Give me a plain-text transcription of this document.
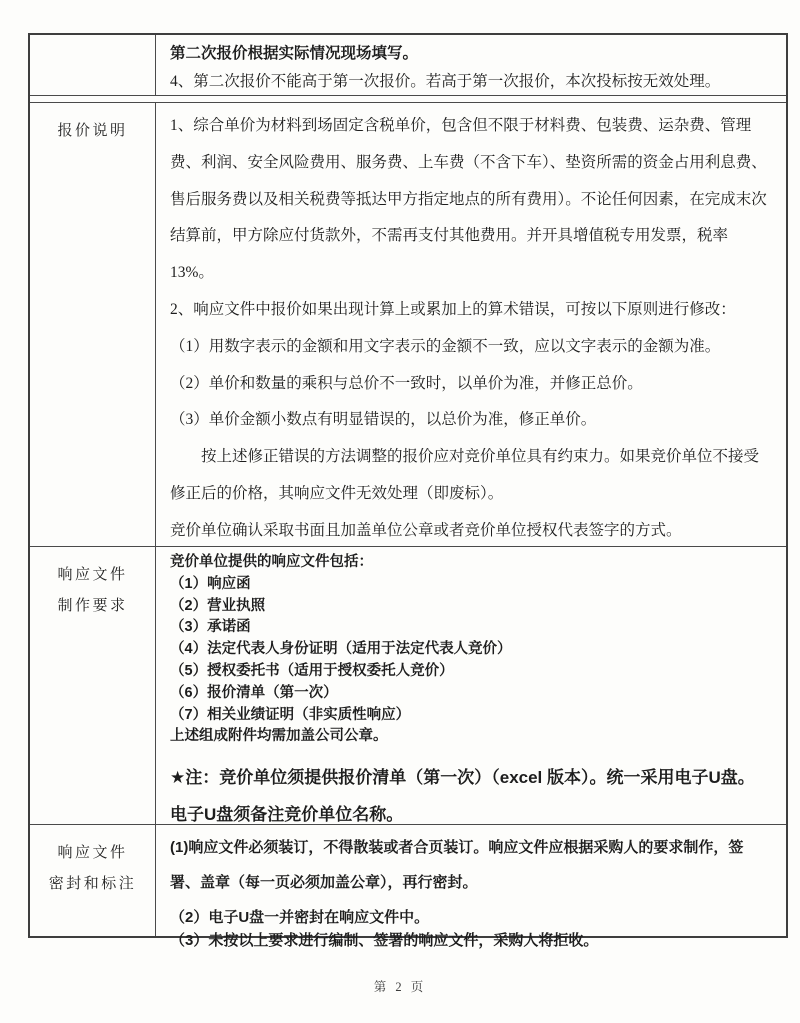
第二次报价根据实际情况现场填写。

4、第二次报价不能高于第一次报价。若高于第一次报价，本次投标按无效处理。

报价说明	1、综合单价为材料到场固定含税单价，包含但不限于材料费、包装费、运杂费、管理费、利润、安全风险费用、服务费、上车费（不含下车）、垫资所需的资金占用利息费、售后服务费以及相关税费等抵达甲方指定地点的所有费用）。不论任何因素，在完成末次结算前，甲方除应付货款外，不需再支付其他费用。并开具增值税专用发票，税率 13%。

2、响应文件中报价如果出现计算上或累加上的算术错误，可按以下原则进行修改：

（1）用数字表示的金额和用文字表示的金额不一致，应以文字表示的金额为准。

（2）单价和数量的乘积与总价不一致时，以单价为准，并修正总价。

（3）单价金额小数点有明显错误的，以总价为准，修正单价。

按上述修正错误的方法调整的报价应对竞价单位具有约束力。如果竞价单位不接受修正后的价格，其响应文件无效处理（即废标）。

竞价单位确认采取书面且加盖单位公章或者竞价单位授权代表签字的方式。

响应文件
制作要求

竞价单位提供的响应文件包括：

（1）响应函

（2）营业执照

（3）承诺函

（4）法定代表人身份证明（适用于法定代表人竞价）

（5）授权委托书（适用于授权委托人竞价）

（6）报价清单（第一次）

（7）相关业绩证明（非实质性响应）

上述组成附件均需加盖公司公章。

★注：竞价单位须提供报价清单（第一次）（excel 版本）。统一采用电子U盘。电子U盘须备注竞价单位名称。

响应文件
密封和标注

(1)响应文件必须装订，不得散装或者合页装订。响应文件应根据采购人的要求制作，签署、盖章（每一页必须加盖公章），再行密封。

（2）电子U盘一并密封在响应文件中。

（3）未按以上要求进行编制、签署的响应文件，采购人将拒收。

第 2 页
